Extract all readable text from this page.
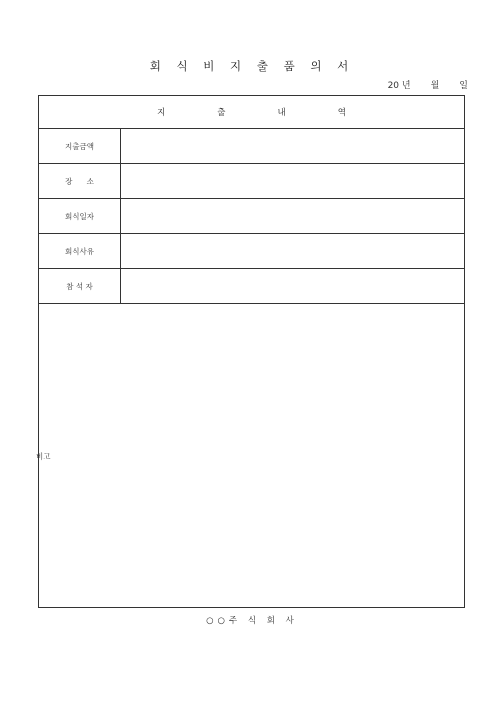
회 식 비 지 출 품 의 서
20 년 월 일
지	출	내	역
지출금액
장      소
회식일자
회식사유
참 석 자
비고
○○주 식 회 사
